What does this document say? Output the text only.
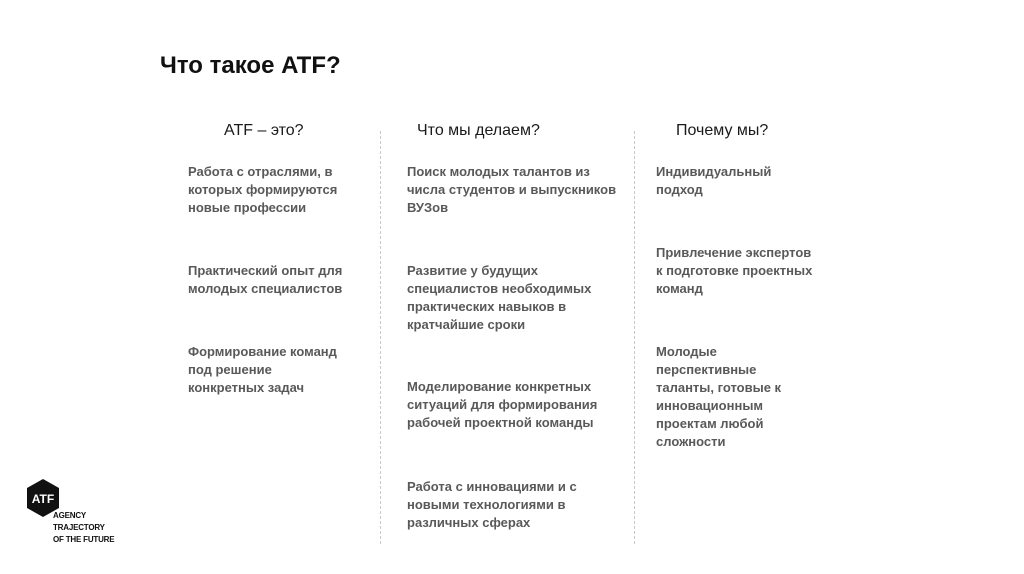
Что такое ATF?
ATF – это?
Работа с отраслями, в
которых формируются
новые профессии
Практический опыт для
молодых специалистов
Формирование команд
под решение
конкретных задач
Что мы делаем?
Поиск молодых талантов из
числа студентов и выпускников
ВУЗов
Развитие у будущих
специалистов необходимых
практических навыков в
кратчайшие сроки
Моделирование конкретных
ситуаций для формирования
рабочей проектной команды
Работа с инновациями и с
новыми технологиями в
различных сферах
Почему мы?
Индивидуальный
подход
Привлечение экспертов
к подготовке проектных
команд
Молодые
перспективные
таланты, готовые к
инновационным
проектам любой
сложности
ATF
AGENCY
TRAJECTORY
OF THE FUTURE
